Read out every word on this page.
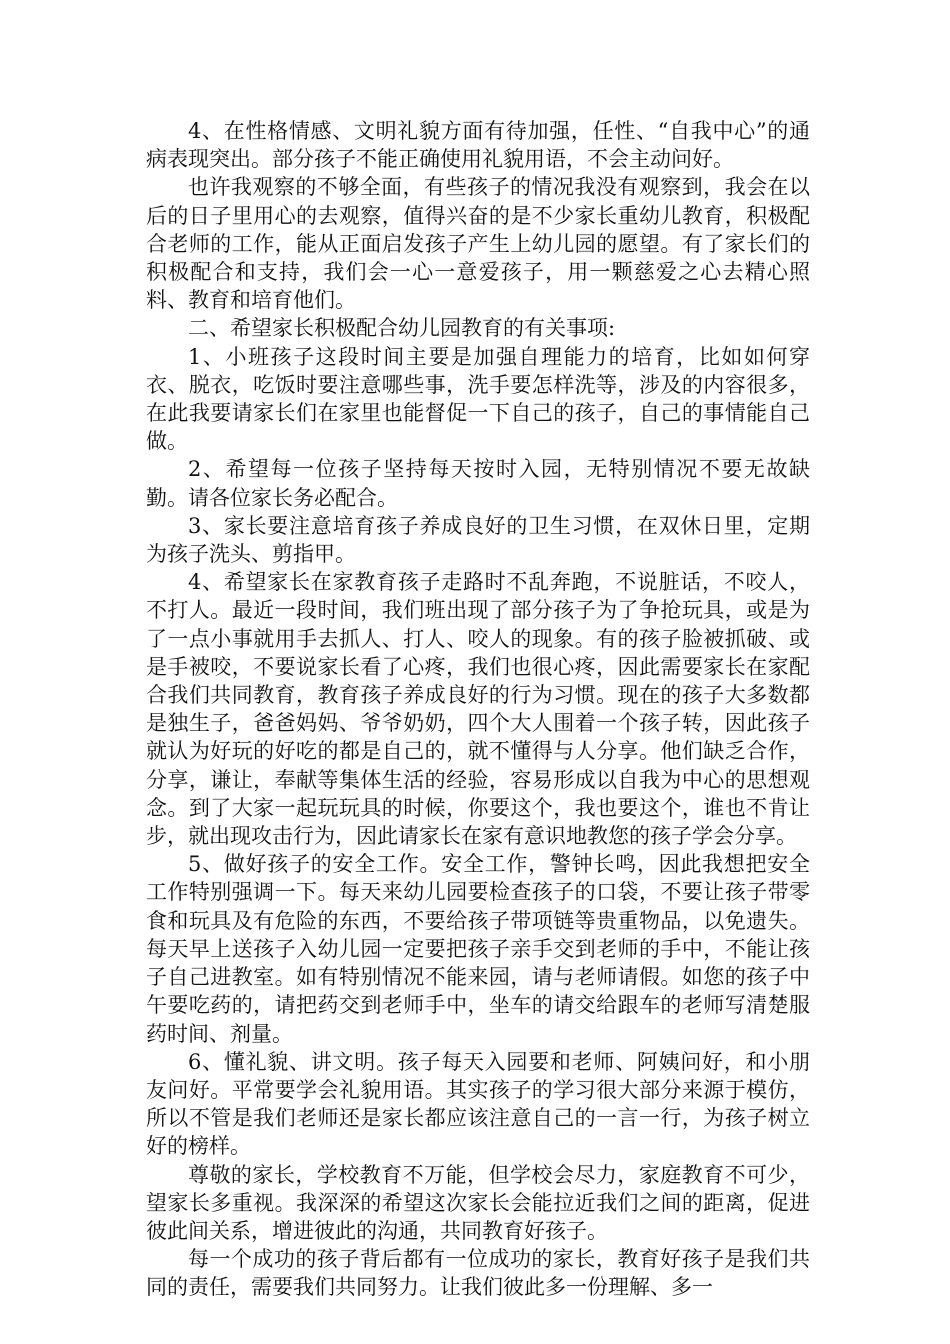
4、在性格情感、文明礼貌方面有待加强，任性、“自我中心”的通病表现突出。部分孩子不能正确使用礼貌用语，不会主动问好。

也许我观察的不够全面，有些孩子的情况我没有观察到，我会在以后的日子里用心的去观察，值得兴奋的是不少家长重幼儿教育，积极配合老师的工作，能从正面启发孩子产生上幼儿园的愿望。有了家长们的积极配合和支持，我们会一心一意爱孩子，用一颗慈爱之心去精心照料、教育和培育他们。

二、希望家长积极配合幼儿园教育的有关事项:

1、小班孩子这段时间主要是加强自理能力的培育，比如如何穿衣、脱衣，吃饭时要注意哪些事，洗手要怎样洗等，涉及的内容很多，在此我要请家长们在家里也能督促一下自己的孩子，自己的事情能自己做。

2、希望每一位孩子坚持每天按时入园，无特别情况不要无故缺勤。请各位家长务必配合。

3、家长要注意培育孩子养成良好的卫生习惯，在双休日里，定期为孩子洗头、剪指甲。

4、希望家长在家教育孩子走路时不乱奔跑，不说脏话，不咬人，不打人。最近一段时间，我们班出现了部分孩子为了争抢玩具，或是为了一点小事就用手去抓人、打人、咬人的现象。有的孩子脸被抓破、或是手被咬，不要说家长看了心疼，我们也很心疼，因此需要家长在家配合我们共同教育，教育孩子养成良好的行为习惯。现在的孩子大多数都是独生子，爸爸妈妈、爷爷奶奶，四个大人围着一个孩子转，因此孩子就认为好玩的好吃的都是自己的，就不懂得与人分享。他们缺乏合作，分享，谦让，奉献等集体生活的经验，容易形成以自我为中心的思想观念。到了大家一起玩玩具的时候，你要这个，我也要这个，谁也不肯让步，就出现攻击行为，因此请家长在家有意识地教您的孩子学会分享。

5、做好孩子的安全工作。安全工作，警钟长鸣，因此我想把安全工作特别强调一下。每天来幼儿园要检查孩子的口袋，不要让孩子带零食和玩具及有危险的东西，不要给孩子带项链等贵重物品，以免遗失。每天早上送孩子入幼儿园一定要把孩子亲手交到老师的手中，不能让孩子自己进教室。如有特别情况不能来园，请与老师请假。如您的孩子中午要吃药的，请把药交到老师手中，坐车的请交给跟车的老师写清楚服药时间、剂量。

6、懂礼貌、讲文明。孩子每天入园要和老师、阿姨问好，和小朋友问好。平常要学会礼貌用语。其实孩子的学习很大部分来源于模仿，所以不管是我们老师还是家长都应该注意自己的一言一行，为孩子树立好的榜样。

尊敬的家长，学校教育不万能，但学校会尽力，家庭教育不可少，望家长多重视。我深深的希望这次家长会能拉近我们之间的距离，促进彼此间关系，增进彼此的沟通，共同教育好孩子。

每一个成功的孩子背后都有一位成功的家长，教育好孩子是我们共同的责任，需要我们共同努力。让我们彼此多一份理解、多一
